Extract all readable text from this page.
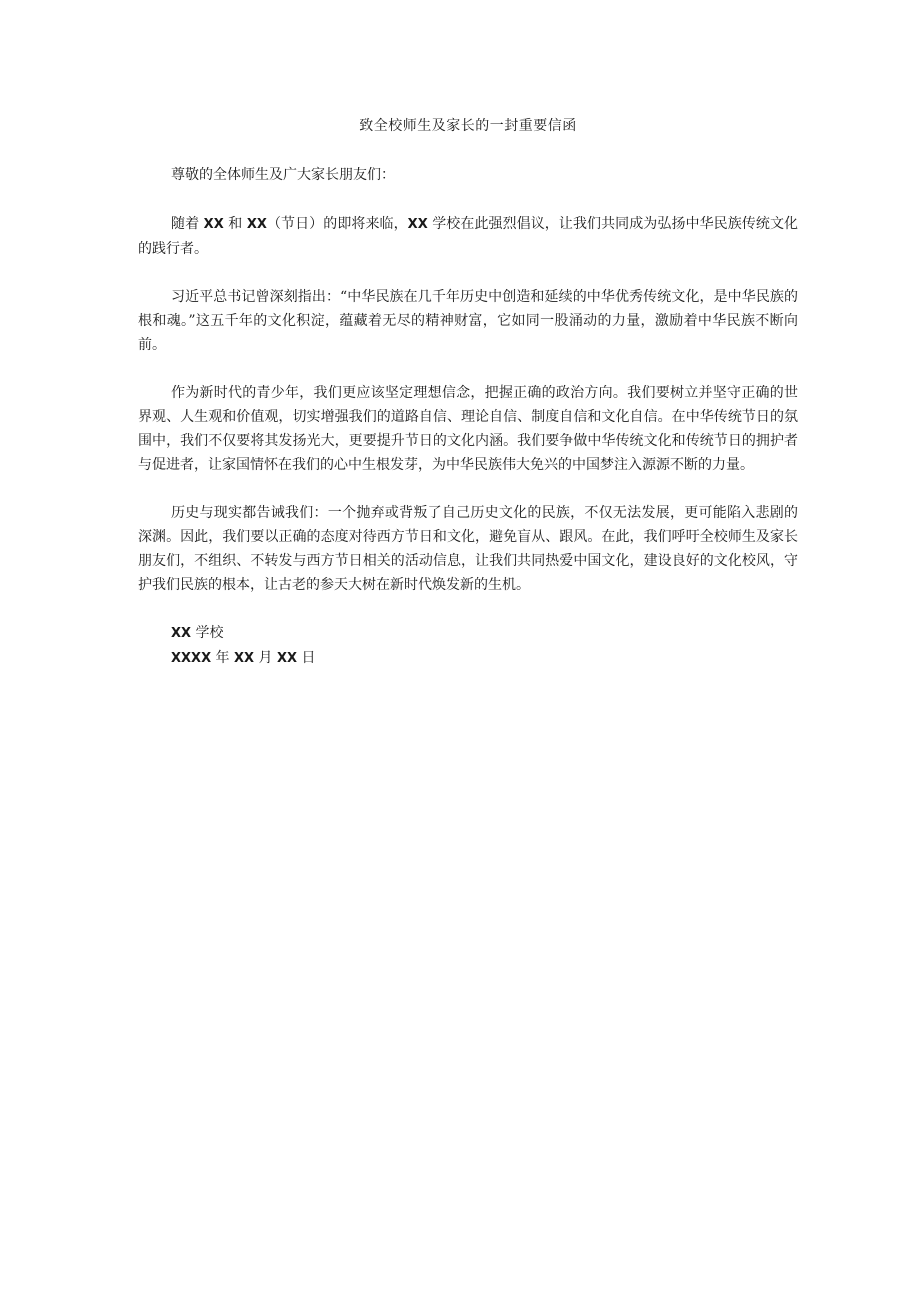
致全校师生及家长的一封重要信函
尊敬的全体师生及广大家长朋友们：
随着 XX 和 XX（节日）的即将来临，XX 学校在此强烈倡议，让我们共同成为弘扬中华民族传统文化的践行者。
习近平总书记曾深刻指出：“中华民族在几千年历史中创造和延续的中华优秀传统文化，是中华民族的根和魂。”这五千年的文化积淀，蕴藏着无尽的精神财富，它如同一股涌动的力量，激励着中华民族不断向前。
作为新时代的青少年，我们更应该坚定理想信念，把握正确的政治方向。我们要树立并坚守正确的世界观、人生观和价值观，切实增强我们的道路自信、理论自信、制度自信和文化自信。在中华传统节日的氛围中，我们不仅要将其发扬光大，更要提升节日的文化内涵。我们要争做中华传统文化和传统节日的拥护者与促进者，让家国情怀在我们的心中生根发芽，为中华民族伟大免兴的中国梦注入源源不断的力量。
历史与现实都告诫我们：一个抛弃或背叛了自己历史文化的民族，不仅无法发展，更可能陷入悲剧的深渊。因此，我们要以正确的态度对待西方节日和文化，避免盲从、跟风。在此，我们呼吁全校师生及家长朋友们，不组织、不转发与西方节日相关的活动信息，让我们共同热爱中国文化，建设良好的文化校风，守护我们民族的根本，让古老的参天大树在新时代焕发新的生机。
XX 学校
XXXX 年 XX 月 XX 日
